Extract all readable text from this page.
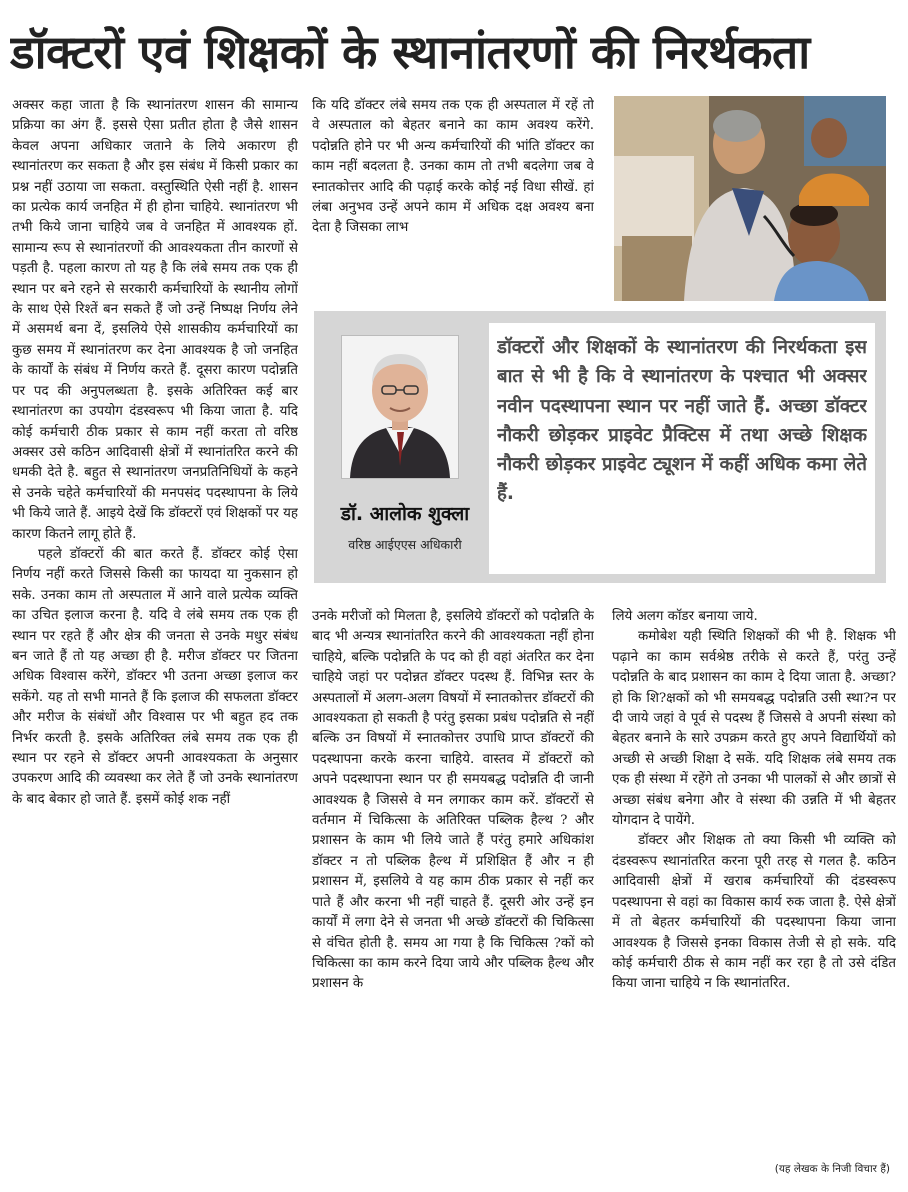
डॉक्टरों एवं शिक्षकों के स्थानांतरणों की निरर्थकता

अक्सर कहा जाता है कि स्थानांतरण शासन की सामान्य प्रक्रिया का अंग हैं. इससे ऐसा प्रतीत होता है जैसे शासन केवल अपना अधिकार जताने के लिये अकारण ही स्थानांतरण कर सकता है और इस संबंध में किसी प्रकार का प्रश्न नहीं उठाया जा सकता. वस्तुस्थिति ऐसी नहीं है. शासन का प्रत्येक कार्य जनहित में ही होना चाहिये. स्थानांतरण भी तभी किये जाना चाहिये जब वे जनहित में आवश्यक हों. सामान्य रूप से स्थानांतरणों की आवश्यकता तीन कारणों से पड़ती है. पहला कारण तो यह है कि लंबे समय तक एक ही स्थान पर बने रहने से सरकारी कर्मचारियों के स्थानीय लोगों के साथ ऐसे रिश्तें बन सकते हैं जो उन्हें निष्पक्ष निर्णय लेने में असमर्थ बना दें, इसलिये ऐसे शासकीय कर्मचारियों का कुछ समय में स्थानांतरण कर देना आवश्यक है जो जनहित के कार्यों के संबंध में निर्णय करते हैं. दूसरा कारण पदोन्नति पर पद की अनुपलब्धता है. इसके अतिरिक्त कई बार स्थानांतरण का उपयोग दंडस्वरूप भी किया जाता है. यदि कोई कर्मचारी ठीक प्रकार से काम नहीं करता तो वरिष्ठ अक्सर उसे कठिन आदिवासी क्षेत्रों में स्थानांतरित करने की धमकी देते है. बहुत से स्थानांतरण जनप्रतिनिधियों के कहने से उनके चहेते कर्मचारियों की मनपसंद पदस्थापना के लिये भी किये जाते हैं. आइये देखें कि डॉक्टरों एवं शिक्षकों पर यह कारण कितने लागू होते हैं.

पहले डॉक्टरों की बात करते हैं. डॉक्टर कोई ऐसा निर्णय नहीं करते जिससे किसी का फायदा या नुकसान हो सके. उनका काम तो अस्पताल में आने वाले प्रत्येक व्यक्ति का उचित इलाज करना है. यदि वे लंबे समय तक एक ही स्थान पर रहते हैं और क्षेत्र की जनता से उनके मधुर संबंध बन जाते हैं तो यह अच्छा ही है. मरीज डॉक्टर पर जितना अधिक विश्वास करेंगे, डॉक्टर भी उतना अच्छा इलाज कर सकेंगे. यह तो सभी मानते हैं कि इलाज की सफलता डॉक्टर और मरीज के संबंधों और विश्वास पर भी बहुत हद तक निर्भर करती है. इसके अतिरिक्त लंबे समय तक एक ही स्थान पर रहने से डॉक्टर अपनी आवश्यकता के अनुसार उपकरण आदि की व्यवस्था कर लेते हैं जो उनके स्थानांतरण के बाद बेकार हो जाते हैं. इसमें कोई शक नहीं

कि यदि डॉक्टर लंबे समय तक एक ही अस्पताल में रहें तो वे अस्पताल को बेहतर बनाने का काम अवश्य करेंगे. पदोन्नति होने पर भी अन्य कर्मचारियों की भांति डॉक्टर का काम नहीं बदलता है. उनका काम तो तभी बदलेगा जब वे स्नातकोत्तर आदि की पढ़ाई करके कोई नई विधा सीखें. हां लंबा अनुभव उन्हें अपने काम में अधिक दक्ष अवश्य बना देता है जिसका लाभ

डॉ. आलोक शुक्ला
वरिष्ठ आईएएस अधिकारी
डॉक्टरों और शिक्षकों के स्थानांतरण की निरर्थकता इस बात से भी है कि वे स्थानांतरण के पश्चात भी अक्सर नवीन पदस्थापना स्थान पर नहीं जाते हैं. अच्छा डॉक्टर नौकरी छोड़कर प्राइवेट प्रैक्टिस में तथा अच्छे शिक्षक नौकरी छोड़कर प्राइवेट ट्यूशन में कहीं अधिक कमा लेते हैं.

उनके मरीजों को मिलता है, इसलिये डॉक्टरों को पदोन्नति के बाद भी अन्यत्र स्थानांतरित करने की आवश्यकता नहीं होना चाहिये, बल्कि पदोन्नति के पद को ही वहां अंतरित कर देना चाहिये जहां पर पदोन्नत डॉक्टर पदस्थ हैं. विभिन्न स्तर के अस्पतालों में अलग-अलग विषयों में स्नातकोत्तर डॉक्टरों की आवश्यकता हो सकती है परंतु इसका प्रबंध पदोन्नति से नहीं बल्कि उन विषयों में स्नातकोत्तर उपाधि प्राप्त डॉक्टरों की पदस्थापना करके करना चाहिये. वास्तव में डॉक्टरों को अपने पदस्थापना स्थान पर ही समयबद्ध पदोन्नति दी जानी आवश्यक है जिससे वे मन लगाकर काम करें. डॉक्टरों से वर्तमान में चिकित्सा के अतिरिक्त पब्लिक हैल्थ ? और प्रशासन के काम भी लिये जाते हैं परंतु हमारे अधिकांश डॉक्टर न तो पब्लिक हैल्थ में प्रशिक्षित हैं और न ही प्रशासन में, इसलिये वे यह काम ठीक प्रकार से नहीं कर पाते हैं और करना भी नहीं चाहते हैं. दूसरी ओर उन्हें इन कार्यों में लगा देने से जनता भी अच्छे डॉक्टरों की चिकित्सा से वंचित होती है. समय आ गया है कि चिकित्स ?कों को चिकित्सा का काम करने दिया जाये और पब्लिक हैल्थ और प्रशासन के

लिये अलग कॉडर बनाया जाये.

कमोबेश यही स्थिति शिक्षकों की भी है. शिक्षक भी पढ़ाने का काम सर्वश्रेष्ठ तरीके से करते हैं, परंतु उन्हें पदोन्नति के बाद प्रशासन का काम दे दिया जाता है. अच्छा? हो कि शि?क्षकों को भी समयबद्ध पदोन्नति उसी स्था?न पर दी जाये जहां वे पूर्व से पदस्थ हैं जिससे वे अपनी संस्था को बेहतर बनाने के सारे उपक्रम करते हुए अपने विद्यार्थियों को अच्छी से अच्छी शिक्षा दे सकें. यदि शिक्षक लंबे समय तक एक ही संस्था में रहेंगे तो उनका भी पालकों से और छात्रों से अच्छा संबंध बनेगा और वे संस्था की उन्नति में भी बेहतर योगदान दे पायेंगे.

डॉक्टर और शिक्षक तो क्या किसी भी व्यक्ति को दंडस्वरूप स्थानांतरित करना पूरी तरह से गलत है. कठिन आदिवासी क्षेत्रों में खराब कर्मचारियों की दंडस्वरूप पदस्थापना से वहां का विकास कार्य रुक जाता है. ऐसे क्षेत्रों में तो बेहतर कर्मचारियों की पदस्थापना किया जाना आवश्यक है जिससे इनका विकास तेजी से हो सके. यदि कोई कर्मचारी ठीक से काम नहीं कर रहा है तो उसे दंडित किया जाना चाहिये न कि स्थानांतरित.

(यह लेखक के निजी विचार हैं)
